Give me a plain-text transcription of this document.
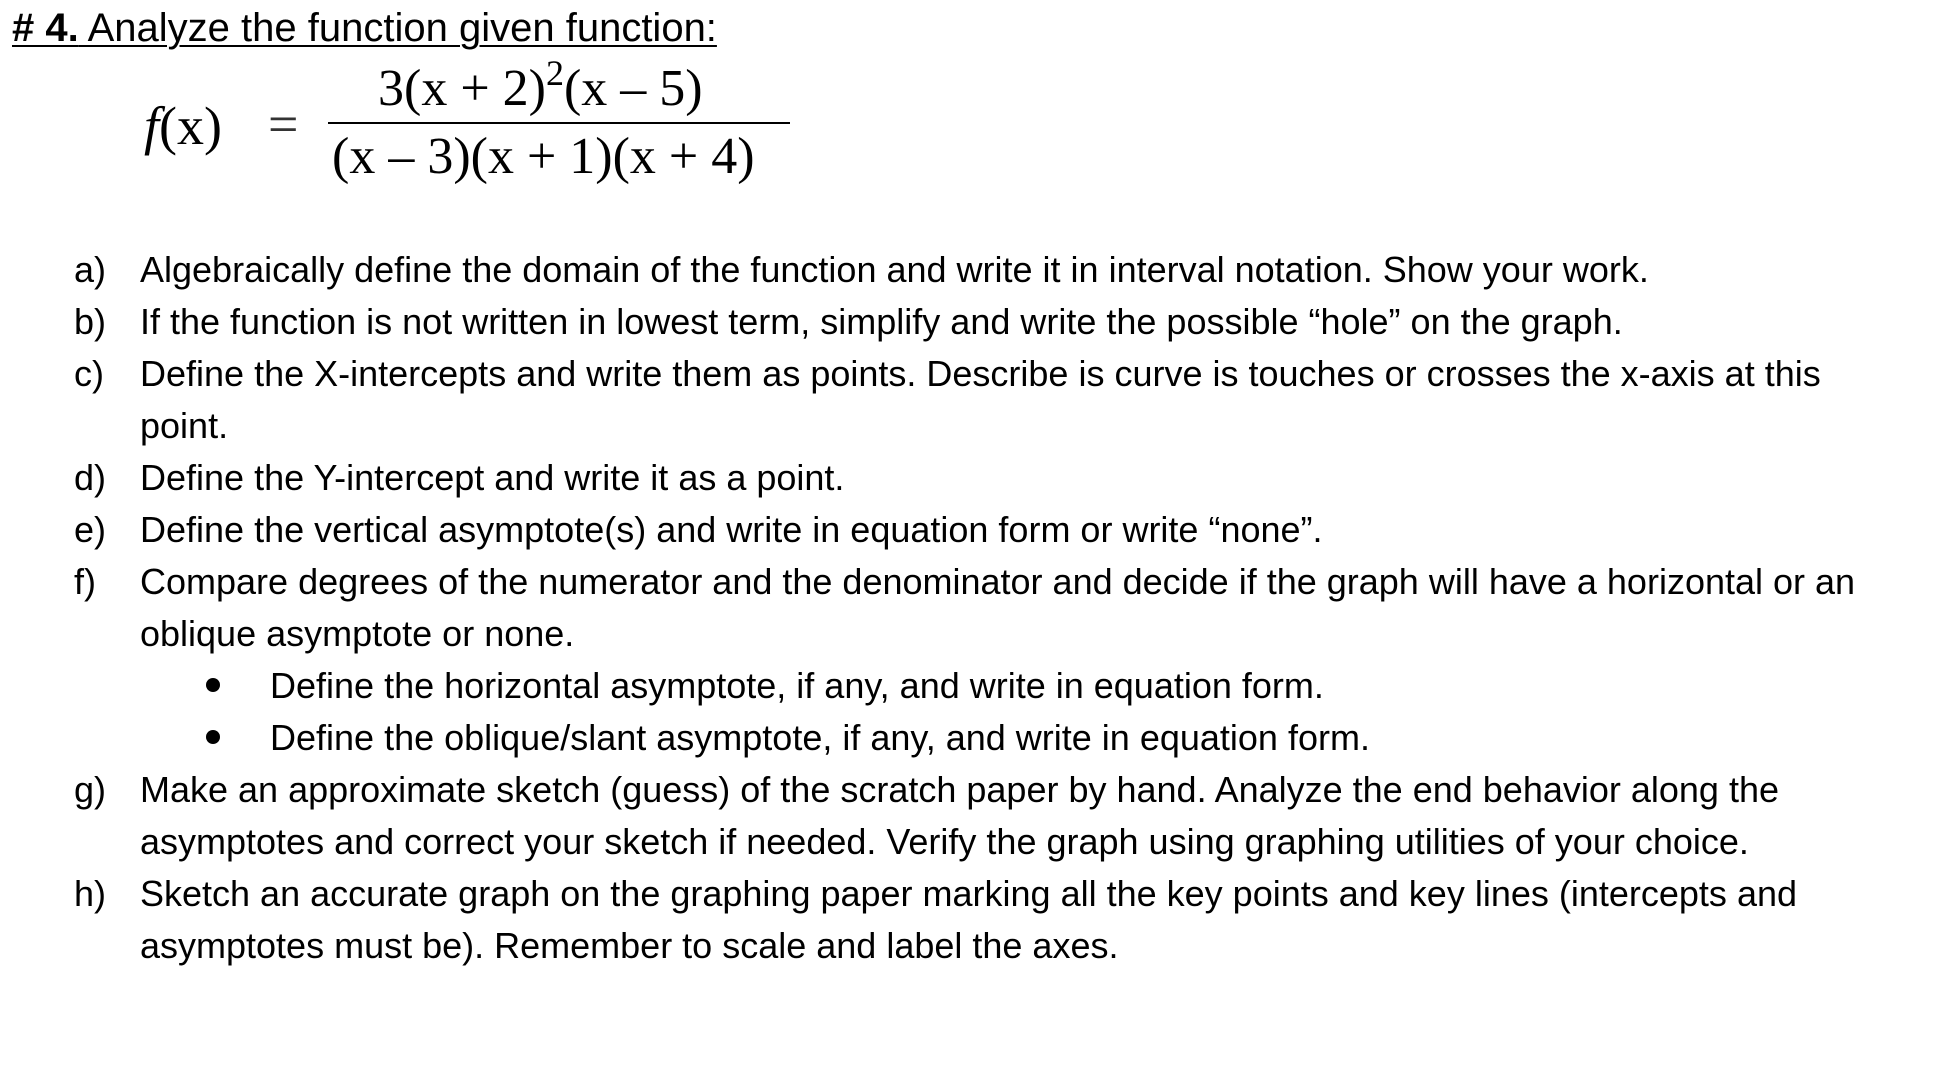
# 4. Analyze the function given function:
f(x) =
$3(x + 2)^2(x - 5)$
(x – 3)(x + 1)(x + 4)
a) Algebraically define the domain of the function and write it in interval notation. Show your work.
b) If the function is not written in lowest term, simplify and write the possible “hole” on the graph.
c)	Define the X-intercepts and write them as points. Describe is curve is touches or crosses the x-axis at this point.
d) Define the Y-intercept and write it as a point.
e) Define the vertical asymptote(s) and write in equation form or write “none”.
f)	Compare degrees of the numerator and the denominator and decide if the graph will have a horizontal or an oblique asymptote or none.
Define the horizontal asymptote, if any, and write in equation form.
Define the oblique/slant asymptote, if any, and write in equation form.
g) Make an approximate sketch (guess) of the scratch paper by hand. Analyze the end behavior along the asymptotes and correct your sketch if needed. Verify the graph using graphing utilities of your choice.
h) Sketch an accurate graph on the graphing paper marking all the key points and key lines (intercepts and asymptotes must be). Remember to scale and label the axes.
